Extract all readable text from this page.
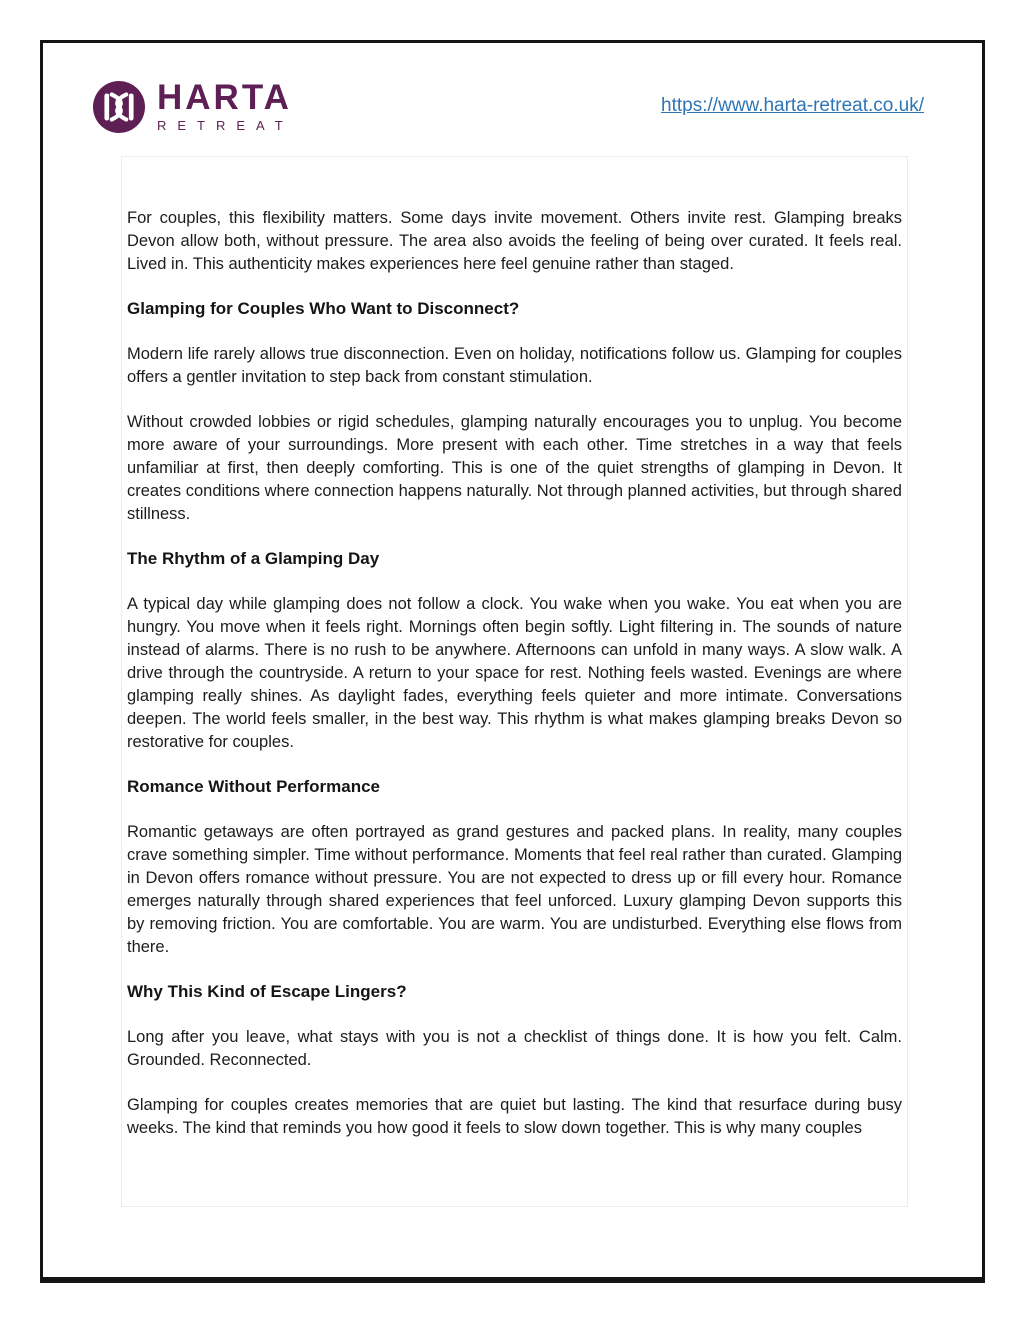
HARTA
RETREAT
https://www.harta-retreat.co.uk/

For couples, this flexibility matters. Some days invite movement. Others invite rest. Glamping breaks Devon allow both, without pressure. The area also avoids the feeling of being over curated. It feels real. Lived in. This authenticity makes experiences here feel genuine rather than staged.

Glamping for Couples Who Want to Disconnect?

Modern life rarely allows true disconnection. Even on holiday, notifications follow us. Glamping for couples offers a gentler invitation to step back from constant stimulation.

Without crowded lobbies or rigid schedules, glamping naturally encourages you to unplug. You become more aware of your surroundings. More present with each other. Time stretches in a way that feels unfamiliar at first, then deeply comforting. This is one of the quiet strengths of glamping in Devon. It creates conditions where connection happens naturally. Not through planned activities, but through shared stillness.

The Rhythm of a Glamping Day

A typical day while glamping does not follow a clock. You wake when you wake. You eat when you are hungry. You move when it feels right. Mornings often begin softly. Light filtering in. The sounds of nature instead of alarms. There is no rush to be anywhere. Afternoons can unfold in many ways. A slow walk. A drive through the countryside. A return to your space for rest. Nothing feels wasted. Evenings are where glamping really shines. As daylight fades, everything feels quieter and more intimate. Conversations deepen. The world feels smaller, in the best way. This rhythm is what makes glamping breaks Devon so restorative for couples.

Romance Without Performance

Romantic getaways are often portrayed as grand gestures and packed plans. In reality, many couples crave something simpler. Time without performance. Moments that feel real rather than curated. Glamping in Devon offers romance without pressure. You are not expected to dress up or fill every hour. Romance emerges naturally through shared experiences that feel unforced. Luxury glamping Devon supports this by removing friction. You are comfortable. You are warm. You are undisturbed. Everything else flows from there.

Why This Kind of Escape Lingers?

Long after you leave, what stays with you is not a checklist of things done. It is how you felt. Calm. Grounded. Reconnected.

Glamping for couples creates memories that are quiet but lasting. The kind that resurface during busy weeks. The kind that reminds you how good it feels to slow down together. This is why many couples
